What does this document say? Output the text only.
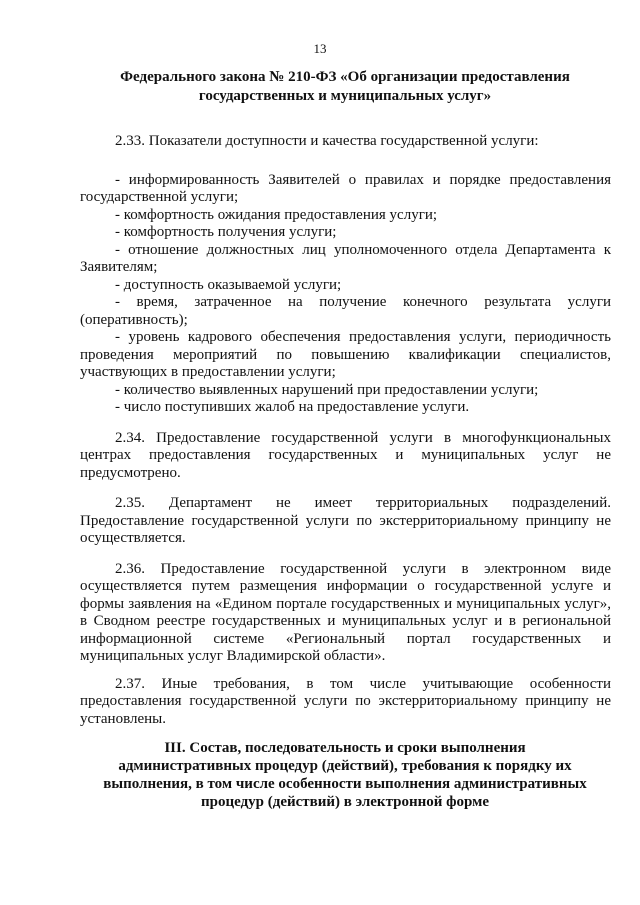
13
Федерального закона № 210-ФЗ «Об организации предоставления
государственных и муниципальных услуг»

2.33. Показатели доступности и качества государственной услуги:

- информированность Заявителей о правилах и порядке предоставления государственной услуги;

- комфортность ожидания предоставления услуги;

- комфортность получения услуги;

- отношение должностных лиц уполномоченного отдела Департамента к Заявителям;

- доступность оказываемой услуги;

- время, затраченное на получение конечного результата услуги (оперативность);

- уровень кадрового обеспечения предоставления услуги, периодичность проведения мероприятий по повышению квалификации специалистов, участвующих в предоставлении услуги;

- количество выявленных нарушений при предоставлении услуги;

- число поступивших жалоб на предоставление услуги.

2.34. Предоставление государственной услуги в многофункциональных центрах предоставления государственных и муниципальных услуг не предусмотрено.

2.35. Департамент не имеет территориальных подразделений. Предоставление государственной услуги по экстерриториальному принципу не осуществляется.

2.36. Предоставление государственной услуги в электронном виде осуществляется путем размещения информации о государственной услуге и формы заявления на «Едином портале государственных и муниципальных услуг», в Сводном реестре государственных и муниципальных услуг и в региональной информационной системе «Региональный портал государственных и муниципальных услуг Владимирской области».

2.37. Иные требования, в том числе учитывающие особенности предоставления государственной услуги по экстерриториальному принципу не установлены.

III. Состав, последовательность и сроки выполнения
административных процедур (действий), требования к порядку их
выполнения, в том числе особенности выполнения административных
процедур (действий) в электронной форме
